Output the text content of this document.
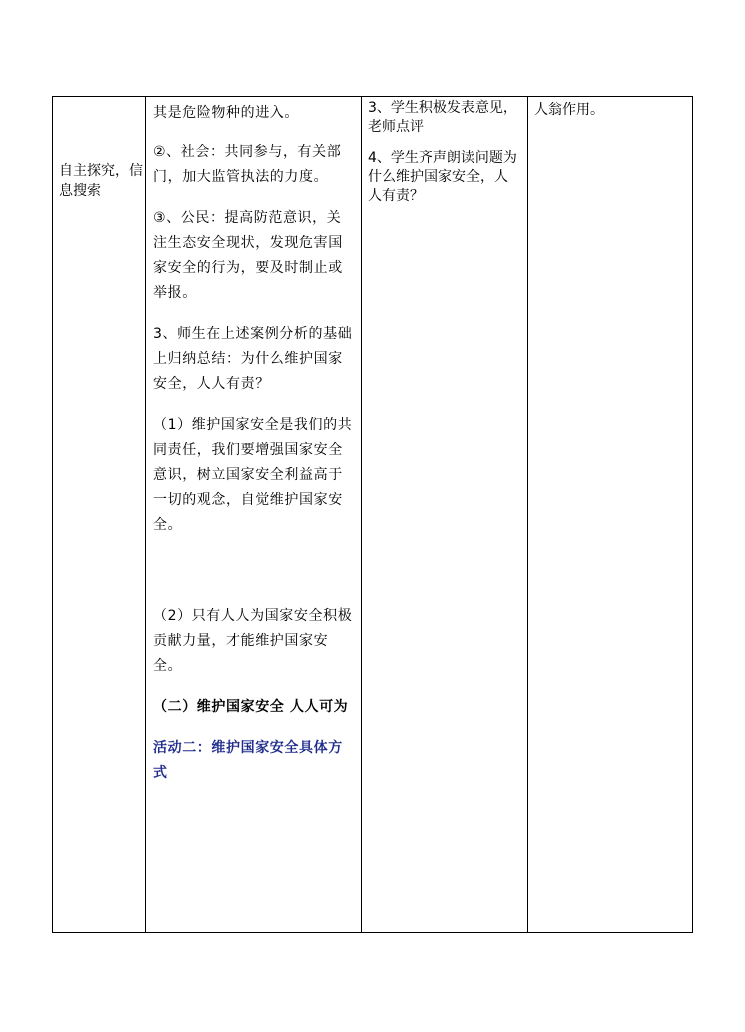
自主探究，信息搜索

其是危险物种的进入。

②、社会：共同参与，有关部门，加大监管执法的力度。

③、公民：提高防范意识，关注生态安全现状，发现危害国家安全的行为，要及时制止或举报。

3、师生在上述案例分析的基础上归纳总结：为什么维护国家安全，人人有责？

（1）维护国家安全是我们的共同责任，我们要增强国家安全意识，树立国家安全利益高于一切的观念，自觉维护国家安全。

（2）只有人人为国家安全积极贡献力量，才能维护国家安全。

（二）维护国家安全 人人可为

活动二：维护国家安全具体方式

3、学生积极发表意见，老师点评

4、学生齐声朗读问题为什么维护国家安全，人人有责？

人翁作用。
